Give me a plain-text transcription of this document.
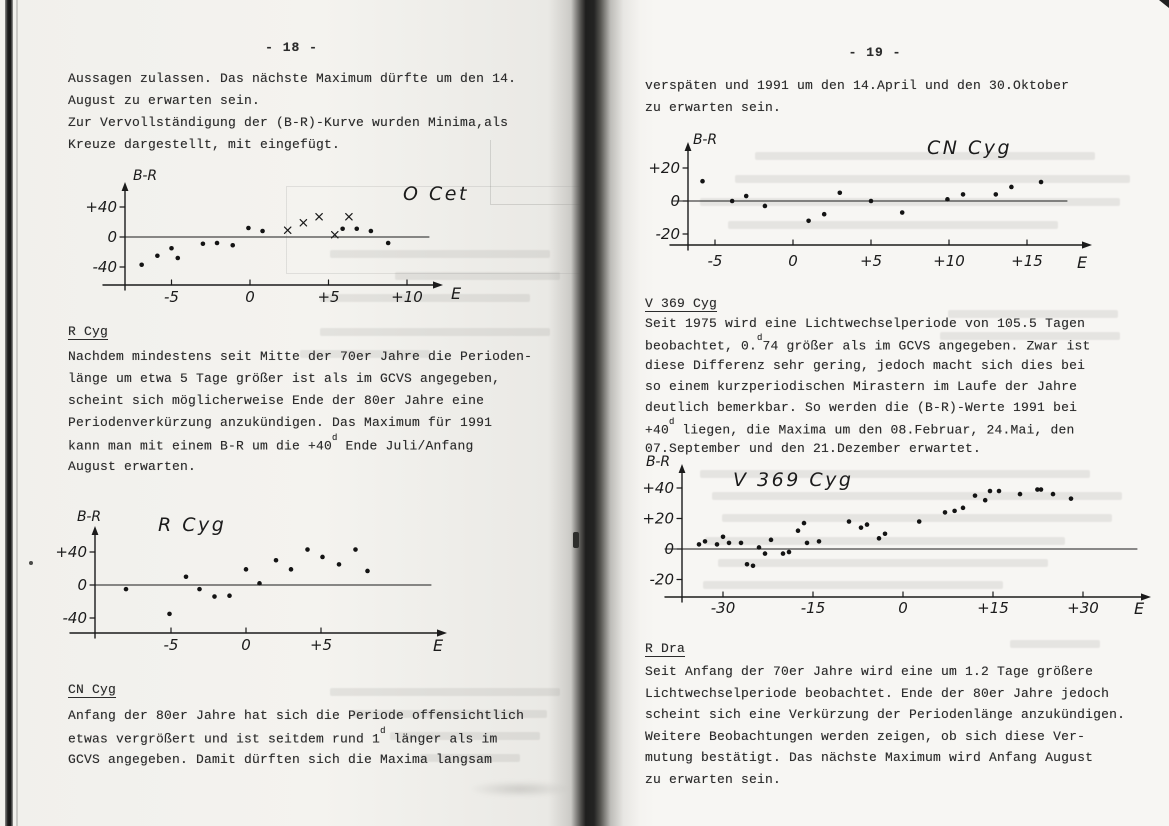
- 18 -
Aussagen zulassen. Das nächste Maximum dürfte um den 14.
August zu erwarten sein.
Zur Vervollständigung der (B-R)-Kurve wurden Minima,als
Kreuze dargestellt, mit eingefügt.
+40
0
-40
-5	0	+5	+10
O Cet
B-R
E
R Cyg
Nachdem mindestens seit Mitte der 70er Jahre die Perioden-
länge um etwa 5 Tage größer ist als im GCVS angegeben,
scheint sich möglicherweise Ende der 80er Jahre eine
Periodenverkürzung anzukündigen. Das Maximum für 1991
kann man mit einem B-R um die $+40^d$ Ende Juli/Anfang
August erwarten.
+40
0
-40
-5	0	+5
R Cyg
B-R
E
CN Cyg
Anfang der 80er Jahre hat sich die Periode offensichtlich
etwas vergrößert und ist seitdem rund 1$^d$ länger als im
GCVS angegeben. Damit dürften sich die Maxima langsam
- 19 -
verspäten und 1991 um den 14.April und den 30.Oktober
zu erwarten sein.
+20
0
-20
-5	0	+5	+10	+15
CN Cyg
B-R
E
V 369 Cyg
Seit 1975 wird eine Lichtwechselperiode von 105.5 Tagen
beobachtet, 0.$^d$74 größer als im GCVS angegeben. Zwar ist
diese Differenz sehr gering, jedoch macht sich dies bei
so einem kurzperiodischen Mirastern im Laufe der Jahre
deutlich bemerkbar. So werden die (B-R)-Werte 1991 bei
$+40^d$ liegen, die Maxima um den 08.Februar, 24.Mai, den
07.September und den 21.Dezember erwartet.
+40
+20
0
-20
-30	-15	0	+15	+30
V 369 Cyg
B-R
E
R Dra
Seit Anfang der 70er Jahre wird eine um 1.2 Tage größere
Lichtwechselperiode beobachtet. Ende der 80er Jahre jedoch
scheint sich eine Verkürzung der Periodenlänge anzukündigen.
Weitere Beobachtungen werden zeigen, ob sich diese Ver-
mutung bestätigt. Das nächste Maximum wird Anfang August
zu erwarten sein.
